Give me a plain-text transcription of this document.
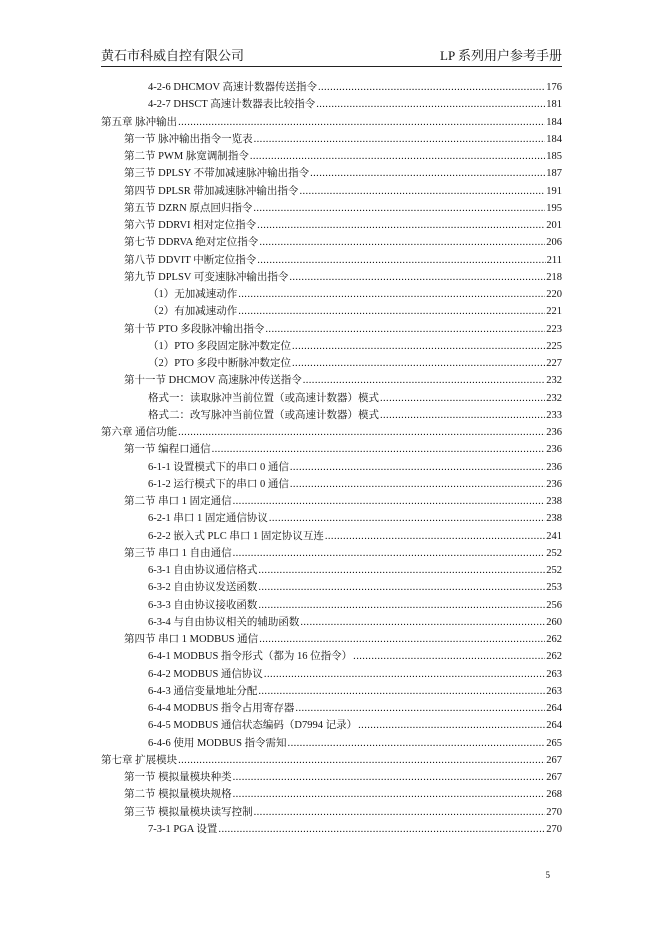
黄石市科威自控有限公司	LP 系列用户参考手册
4-2-6 DHCMOV 高速计数器传送指令 .....	176
4-2-7 DHSCT 高速计数器表比较指令 .....	181
第五章 脉冲输出 .....	184
第一节 脉冲输出指令一览表 .....	184
第二节 PWM 脉宽调制指令 .....	185
第三节 DPLSY 不带加减速脉冲输出指令 .....	187
第四节 DPLSR 带加减速脉冲输出指令 .....	191
第五节 DZRN 原点回归指令 .....	195
第六节 DDRVI 相对定位指令 .....	201
第七节 DDRVA 绝对定位指令 .....	206
第八节 DDVIT 中断定位指令 .....	211
第九节 DPLSV 可变速脉冲输出指令 .....	218
（1）无加减速动作 .....	220
（2）有加减速动作 .....	221
第十节 PTO 多段脉冲输出指令 .....	223
（1）PTO 多段固定脉冲数定位 .....	225
（2）PTO 多段中断脉冲数定位 .....	227
第十一节 DHCMOV 高速脉冲传送指令 .....	232
格式一：读取脉冲当前位置（或高速计数器）模式 .....	232
格式二：改写脉冲当前位置（或高速计数器）模式 .....	233
第六章 通信功能 .....	236
第一节 编程口通信 .....	236
6-1-1 设置模式下的串口 0 通信 .....	236
6-1-2 运行模式下的串口 0 通信 .....	236
第二节 串口 1 固定通信 .....	238
6-2-1 串口 1 固定通信协议 .....	238
6-2-2 嵌入式 PLC 串口 1 固定协议互连 .....	241
第三节 串口 1 自由通信 .....	252
6-3-1 自由协议通信格式 .....	252
6-3-2 自由协议发送函数 .....	253
6-3-3 自由协议接收函数 .....	256
6-3-4 与自由协议相关的辅助函数 .....	260
第四节 串口 1 MODBUS 通信 .....	262
6-4-1 MODBUS 指令形式（都为 16 位指令） .....	262
6-4-2 MODBUS 通信协议 .....	263
6-4-3 通信变量地址分配 .....	263
6-4-4 MODBUS 指令占用寄存器 .....	264
6-4-5 MODBUS 通信状态编码（D7994 记录） .....	264
6-4-6 使用 MODBUS 指令需知 .....	265
第七章 扩展模块 .....	267
第一节 模拟量模块种类 .....	267
第二节 模拟量模块规格 .....	268
第三节 模拟量模块读写控制 .....	270
7-3-1 PGA 设置 .....	270
5
